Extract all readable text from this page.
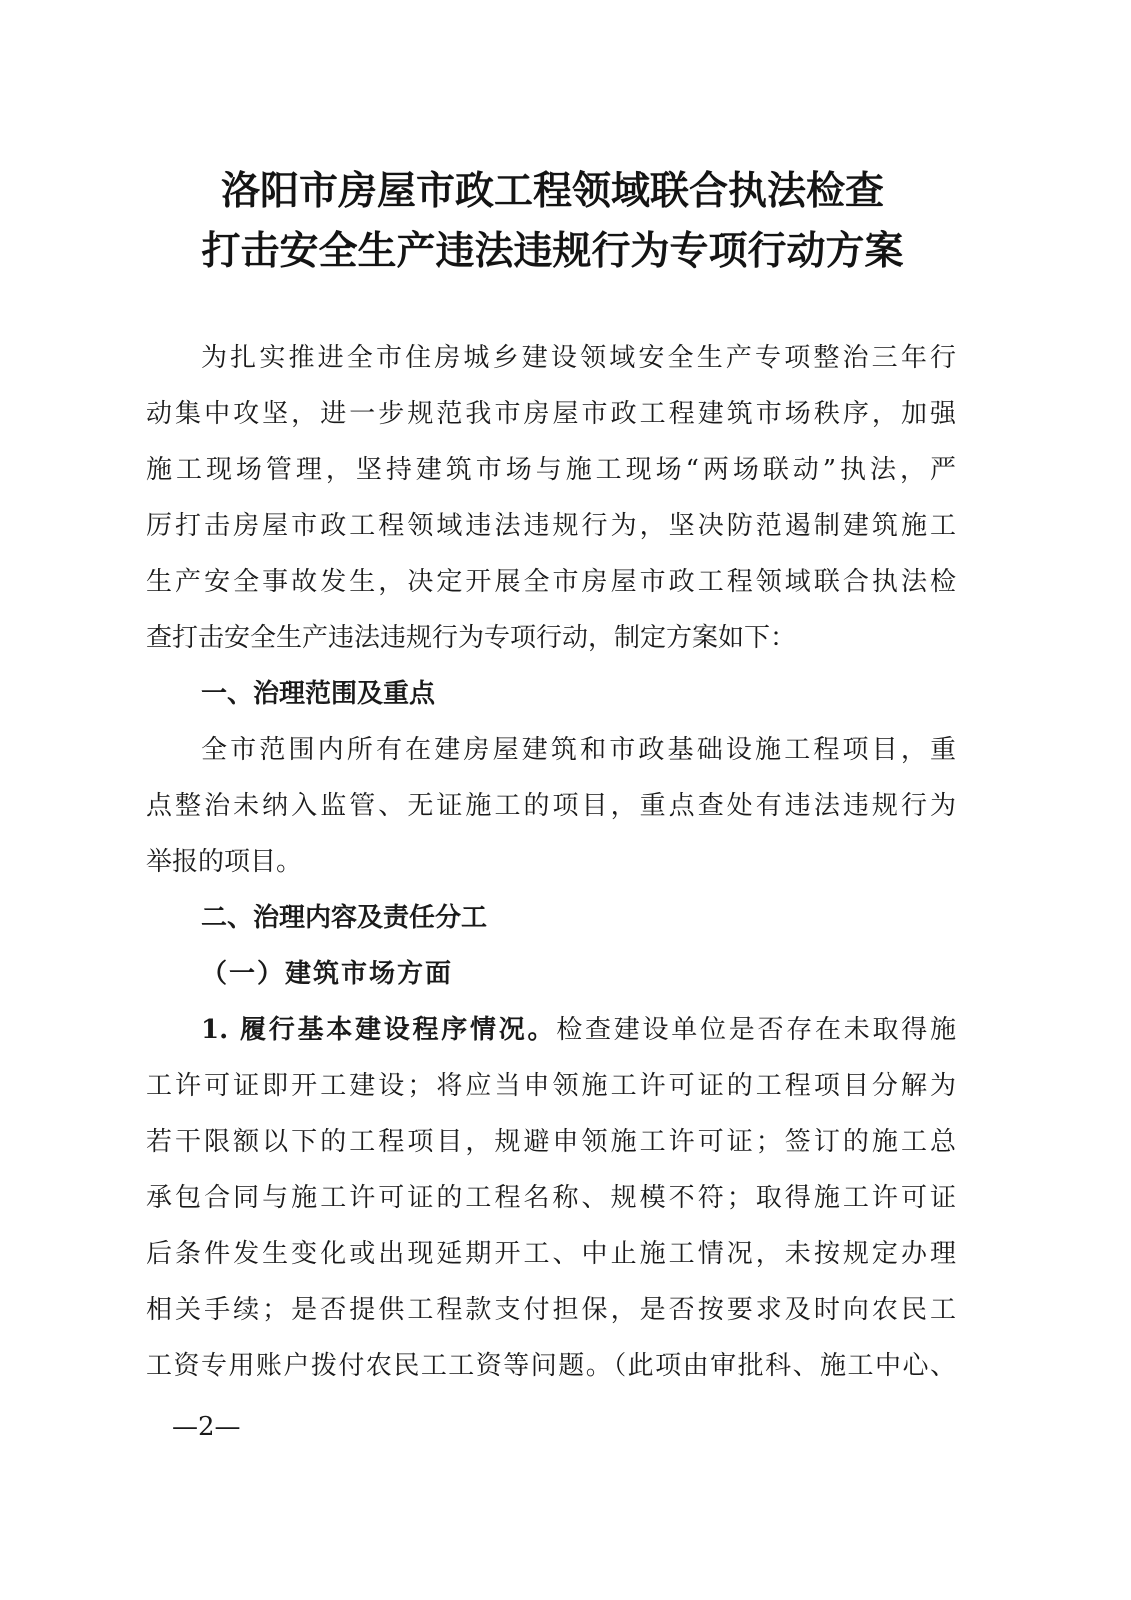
洛阳市房屋市政工程领域联合执法检查
打击安全生产违法违规行为专项行动方案
为扎实推进全市住房城乡建设领域安全生产专项整治三年行
动集中攻坚，进一步规范我市房屋市政工程建筑市场秩序，加强
施工现场管理，坚持建筑市场与施工现场“两场联动”执法，严
厉打击房屋市政工程领域违法违规行为，坚决防范遏制建筑施工
生产安全事故发生，决定开展全市房屋市政工程领域联合执法检
查打击安全生产违法违规行为专项行动，制定方案如下：
一、治理范围及重点
全市范围内所有在建房屋建筑和市政基础设施工程项目，重
点整治未纳入监管、无证施工的项目，重点查处有违法违规行为
举报的项目。
二、治理内容及责任分工
（一）建筑市场方面
1. 履行基本建设程序情况。检查建设单位是否存在未取得施
工许可证即开工建设；将应当申领施工许可证的工程项目分解为
若干限额以下的工程项目，规避申领施工许可证；签订的施工总
承包合同与施工许可证的工程名称、规模不符；取得施工许可证
后条件发生变化或出现延期开工、中止施工情况，未按规定办理
相关手续；是否提供工程款支付担保，是否按要求及时向农民工
工资专用账户拨付农民工工资等问题。（此项由审批科、施工中心、
—2—
